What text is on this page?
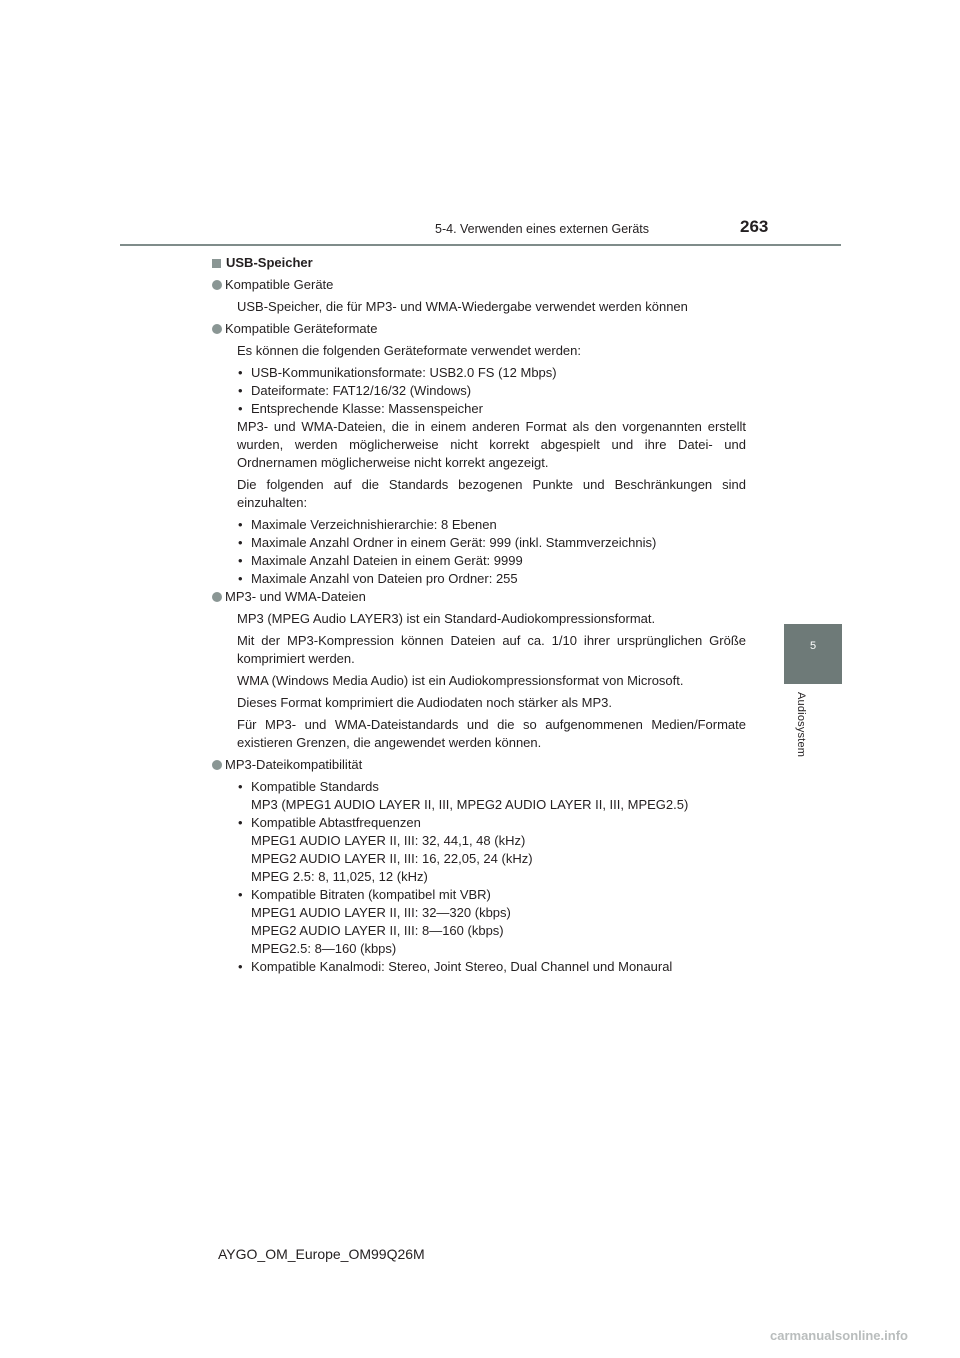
5-4. Verwenden eines externen Geräts	263
5
Audiosystem
USB-Speicher
Kompatible Geräte

USB-Speicher, die für MP3- und WMA-Wiedergabe verwendet werden können

Kompatible Geräteformate

Es können die folgenden Geräteformate verwendet werden:

• USB-Kommunikationsformate: USB2.0 FS (12 Mbps)
• Dateiformate: FAT12/16/32 (Windows)
• Entsprechende Klasse: Massenspeicher

MP3- und WMA-Dateien, die in einem anderen Format als den vorgenannten erstellt wurden, werden möglicherweise nicht korrekt abgespielt und ihre Datei- und Ordnernamen möglicherweise nicht korrekt angezeigt.

Die folgenden auf die Standards bezogenen Punkte und Beschränkungen sind einzuhalten:

• Maximale Verzeichnishierarchie: 8 Ebenen
• Maximale Anzahl Ordner in einem Gerät: 999 (inkl. Stammverzeichnis)
• Maximale Anzahl Dateien in einem Gerät: 9999
• Maximale Anzahl von Dateien pro Ordner: 255
MP3- und WMA-Dateien

MP3 (MPEG Audio LAYER3) ist ein Standard-Audiokompressionsformat.

Mit der MP3-Kompression können Dateien auf ca. 1/10 ihrer ursprünglichen Größe komprimiert werden.

WMA (Windows Media Audio) ist ein Audiokompressionsformat von Microsoft.

Dieses Format komprimiert die Audiodaten noch stärker als MP3.

Für MP3- und WMA-Dateistandards und die so aufgenommenen Medien/Formate existieren Grenzen, die angewendet werden können.

MP3-Dateikompatibilität
• Kompatible Standards
MP3 (MPEG1 AUDIO LAYER II, III, MPEG2 AUDIO LAYER II, III, MPEG2.5)
• Kompatible Abtastfrequenzen
MPEG1 AUDIO LAYER II, III: 32, 44,1, 48 (kHz)
MPEG2 AUDIO LAYER II, III: 16, 22,05, 24 (kHz)
MPEG 2.5: 8, 11,025, 12 (kHz)
• Kompatible Bitraten (kompatibel mit VBR)
MPEG1 AUDIO LAYER II, III: 32—320 (kbps)
MPEG2 AUDIO LAYER II, III: 8—160 (kbps)
MPEG2.5: 8—160 (kbps)
• Kompatible Kanalmodi: Stereo, Joint Stereo, Dual Channel und Monaural
AYGO_OM_Europe_OM99Q26M
carmanualsonline.info
